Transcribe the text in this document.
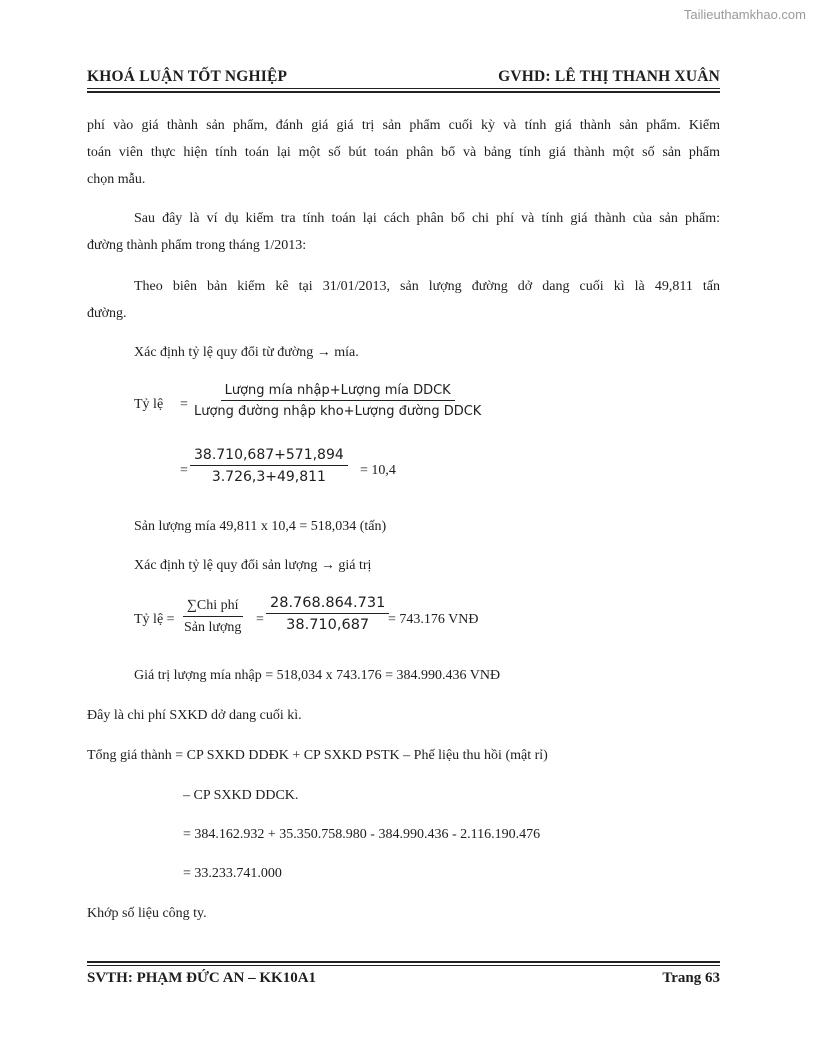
Tailieuthamkhao.com
KHOÁ LUẬN TỐT NGHIỆP	GVHD: LÊ THỊ THANH XUÂN
phí vào giá thành sản phẩm, đánh giá giá trị sản phẩm cuối kỳ và tính giá thành sản phẩm. Kiểm
toán viên thực hiện tính toán lại một số bút toán phân bổ và bảng tính giá thành một số sản phẩm
chọn mẫu.
Sau đây là ví dụ kiểm tra tính toán lại cách phân bổ chi phí và tính giá thành của sản phẩm:
đường thành phẩm trong tháng 1/2013:
Theo biên bản kiểm kê tại 31/01/2013, sản lượng đường dở dang cuối kì là 49,811 tấn
đường.
Xác định tỷ lệ quy đổi từ đường → mía.
Tỷ lệ =
Lượng mía nhập+Lượng mía DDCK
Lượng đường nhập kho+Lượng đường DDCK
= $\frac{38.710,687+571,894}{3.726,3+49,811} = 10,4$
Sản lượng mía 49,811 x 10,4 = 518,034 (tấn)
Xác định tỷ lệ quy đổi sản lượng → giá trị
Tỷ lệ =
∑Chi phí
Sản lượng
= $\frac{28.768.864.731}{38.710,687}$
= 743.176 VNĐ
Giá trị lượng mía nhập = 518,034 x 743.176 = 384.990.436 VNĐ
Đây là chi phí SXKD dở dang cuối kì.
Tổng giá thành = CP SXKD DDĐK + CP SXKD PSTK – Phế liệu thu hồi (mật rỉ)
– CP SXKD DDCK.
= 384.162.932 + 35.350.758.980 - 384.990.436 - 2.116.190.476
= 33.233.741.000
Khớp số liệu công ty.
SVTH: PHẠM ĐỨC AN – KK10A1	Trang 63
